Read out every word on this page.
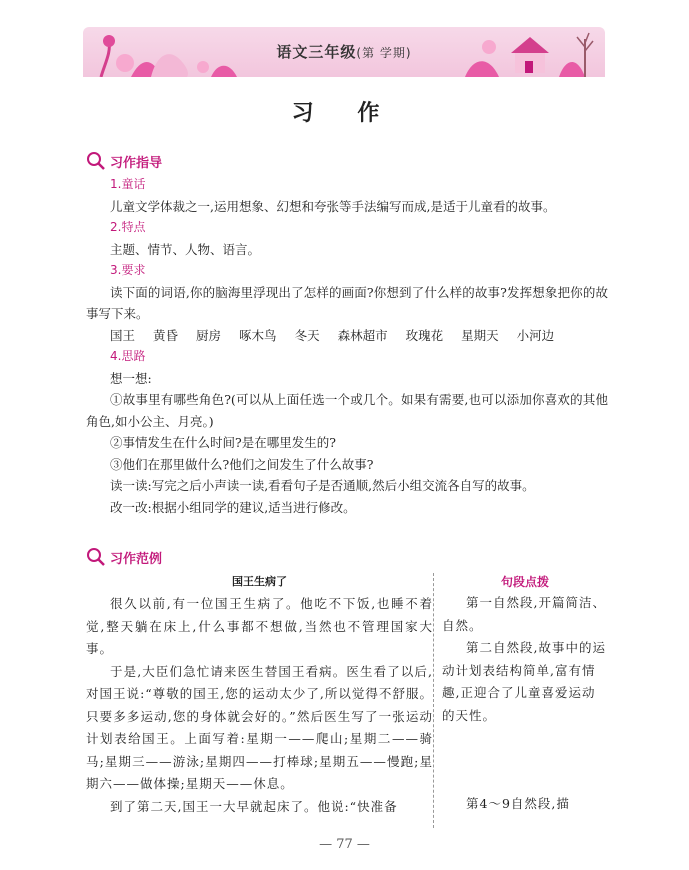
语文三年级(第 学期)
习 作
习作指导
1.童话

儿童文学体裁之一,运用想象、幻想和夸张等手法编写而成,是适于儿童看的故事。

2.特点

主题、情节、人物、语言。

3.要求

读下面的词语,你的脑海里浮现出了怎样的画面?你想到了什么样的故事?发挥想象把你的故事写下来。

国王 黄昏 厨房 啄木鸟 冬天 森林超市 玫瑰花 星期天 小河边
4.思路

想一想:

①故事里有哪些角色?(可以从上面任选一个或几个。如果有需要,也可以添加你喜欢的其他角色,如小公主、月亮。)

②事情发生在什么时间?是在哪里发生的?

③他们在那里做什么?他们之间发生了什么故事?

读一读:写完之后小声读一读,看看句子是否通顺,然后小组交流各自写的故事。

改一改:根据小组同学的建议,适当进行修改。

习作范例
国王生病了

很久以前,有一位国王生病了。他吃不下饭,也睡不着觉,整天躺在床上,什么事都不想做,当然也不管理国家大事。

于是,大臣们急忙请来医生替国王看病。医生看了以后,对国王说:“尊敬的国王,您的运动太少了,所以觉得不舒服。只要多多运动,您的身体就会好的。”然后医生写了一张运动计划表给国王。上面写着:星期一——爬山;星期二——骑马;星期三——游泳;星期四——打棒球;星期五——慢跑;星期六——做体操;星期天——休息。

到了第二天,国王一大早就起床了。他说:“快准备

句段点拨

第一自然段,开篇简洁、自然。

第二自然段,故事中的运动计划表结构简单,富有情趣,正迎合了儿童喜爱运动的天性。

第4～9自然段,描

— 77 —
